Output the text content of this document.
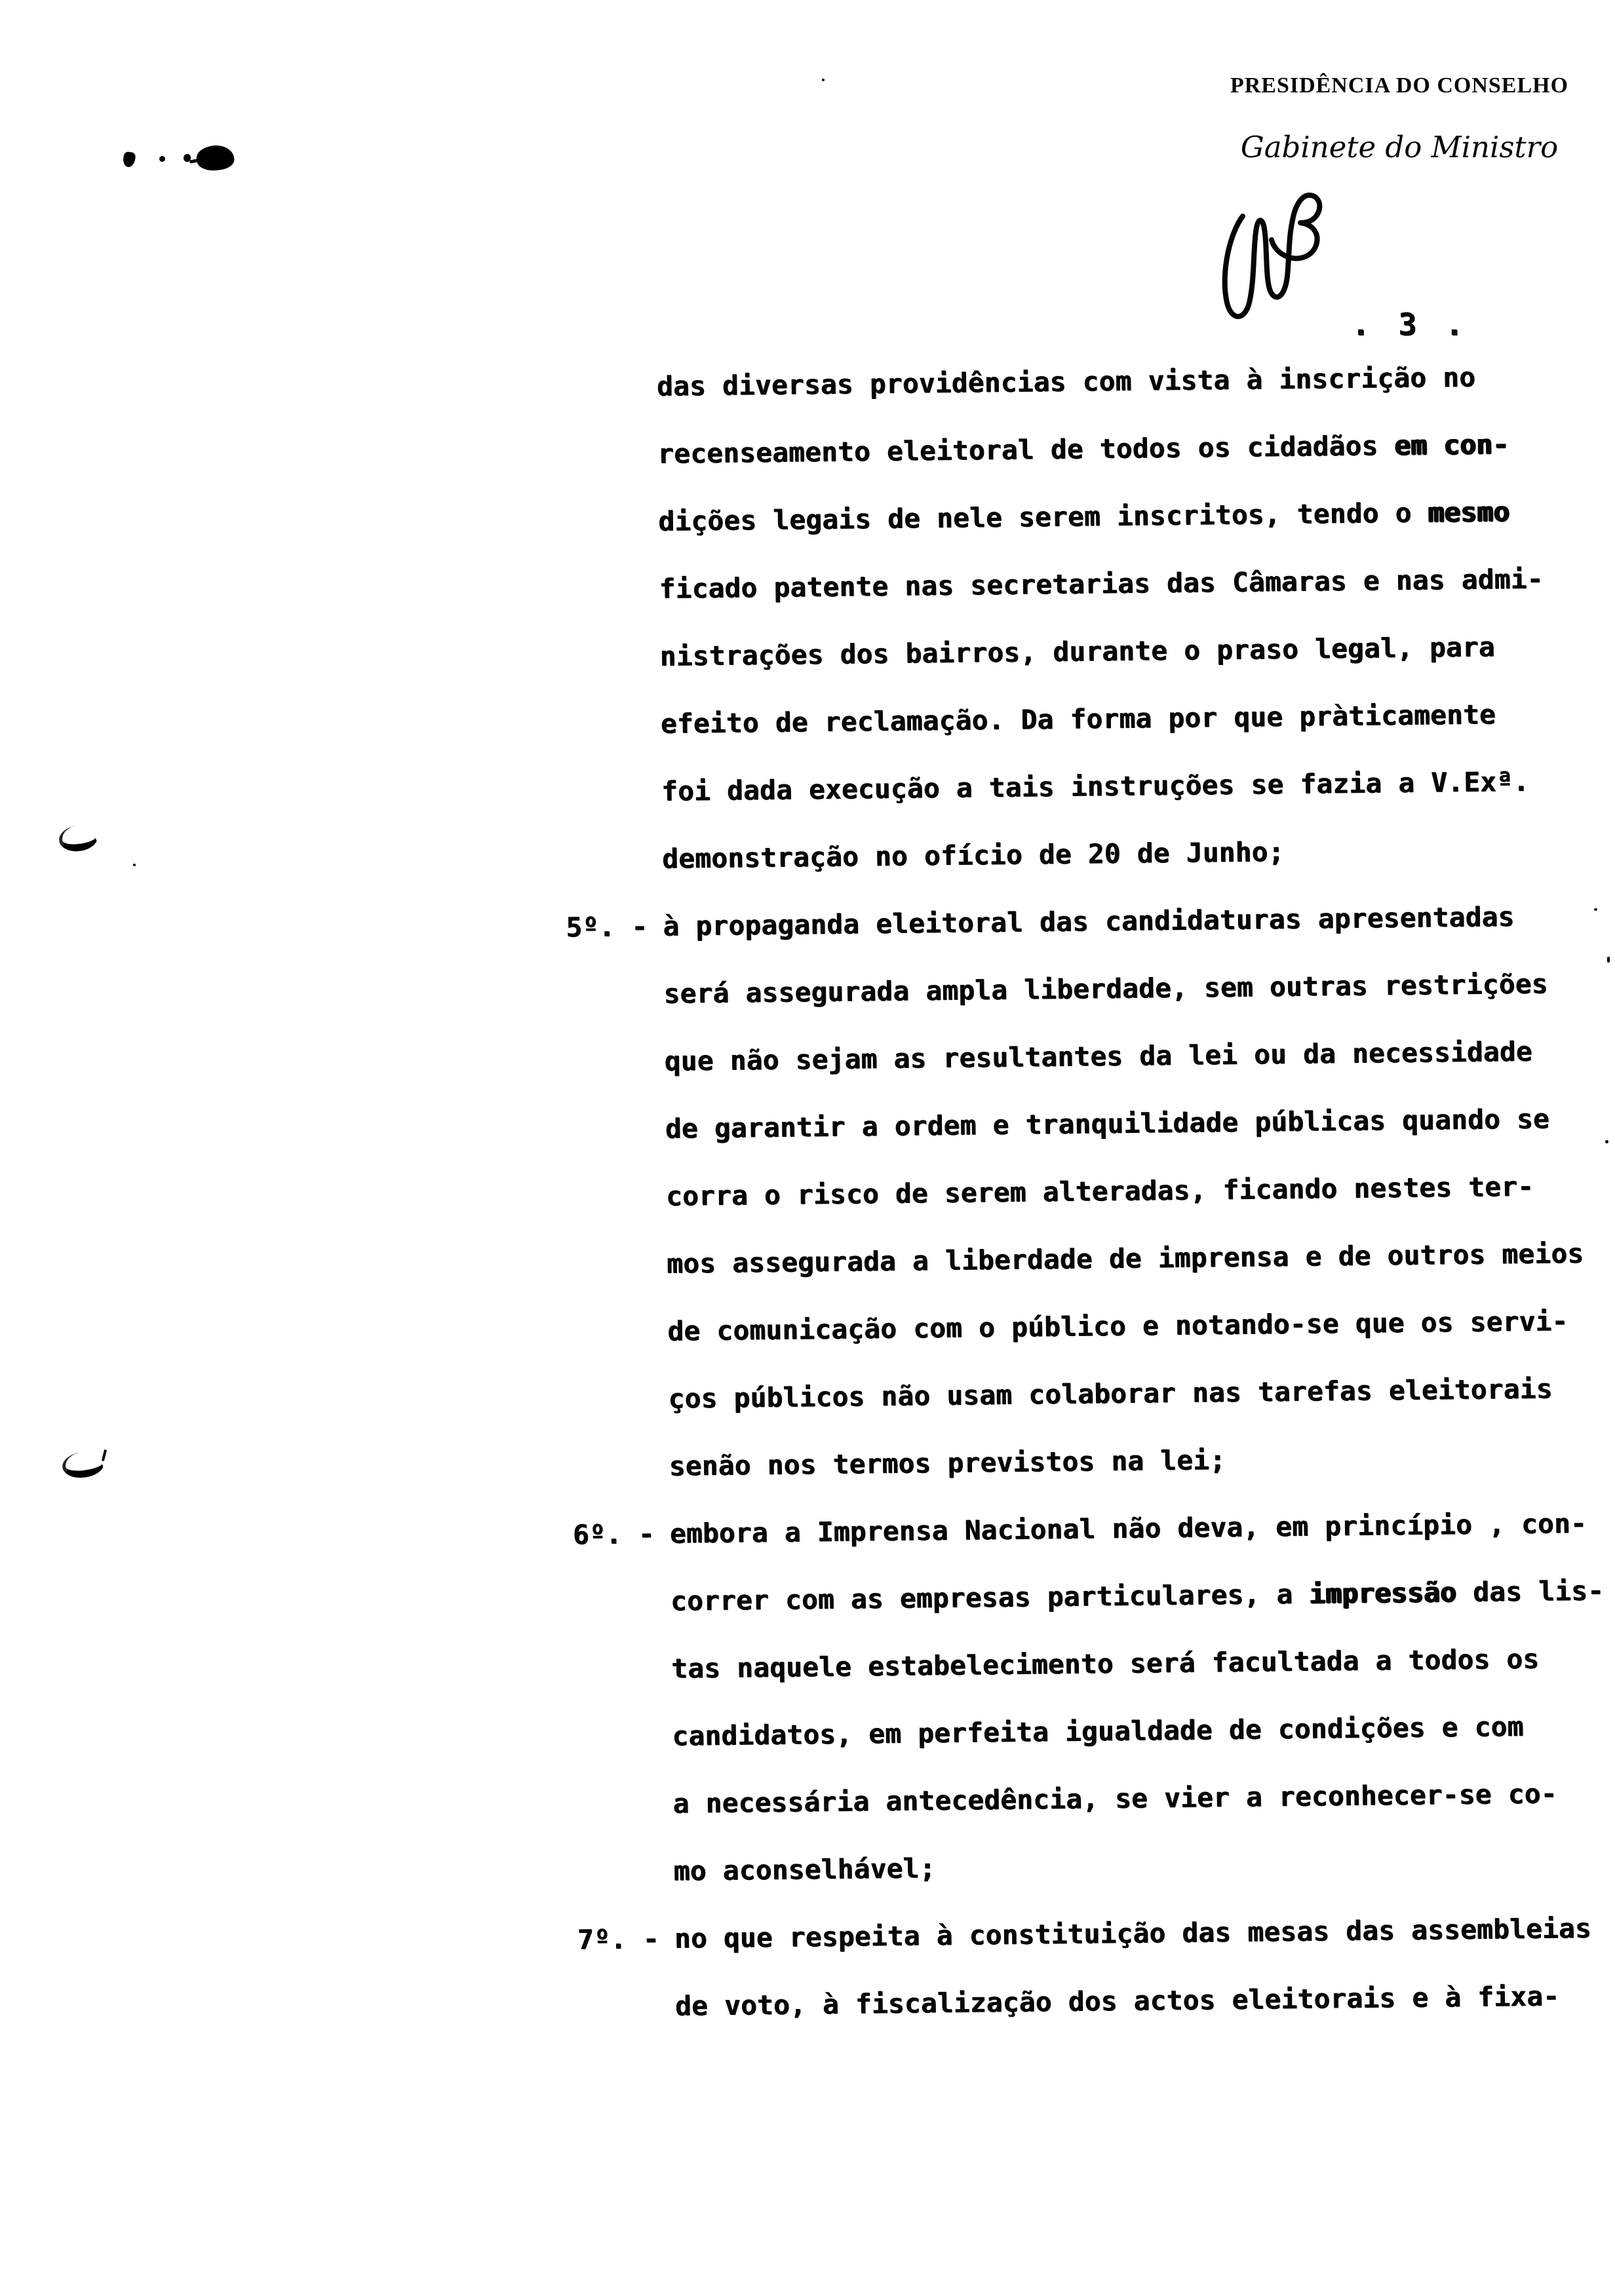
PRESIDÊNCIA DO CONSELHO
Gabinete do Ministro
. 3 .
das diversas providências com vista à inscrição no
recenseamento eleitoral de todos os cidadãos em con-
dições legais de nele serem inscritos, tendo o mesmo
ficado patente nas secretarias das Câmaras e nas admi-
nistrações dos bairros, durante o praso legal, para
efeito de reclamação. Da forma por que pràticamente
foi dada execução a tais instruções se fazia a V.Exª.
demonstração no ofício de 20 de Junho;
5º. - à propaganda eleitoral das candidaturas apresentadas
será assegurada ampla liberdade, sem outras restrições
que não sejam as resultantes da lei ou da necessidade
de garantir a ordem e tranquilidade públicas quando se
corra o risco de serem alteradas, ficando nestes ter-
mos assegurada a liberdade de imprensa e de outros meios
de comunicação com o público e notando-se que os servi-
ços públicos não usam colaborar nas tarefas eleitorais
senão nos termos previstos na lei;
6º. - embora a Imprensa Nacional não deva, em princípio , con-
correr com as empresas particulares, a impressão das lis-
tas naquele estabelecimento será facultada a todos os
candidatos, em perfeita igualdade de condições e com
a necessária antecedência, se vier a reconhecer-se co-
mo aconselhável;
7º. - no que respeita à constituição das mesas das assembleias
de voto, à fiscalização dos actos eleitorais e à fixa-
